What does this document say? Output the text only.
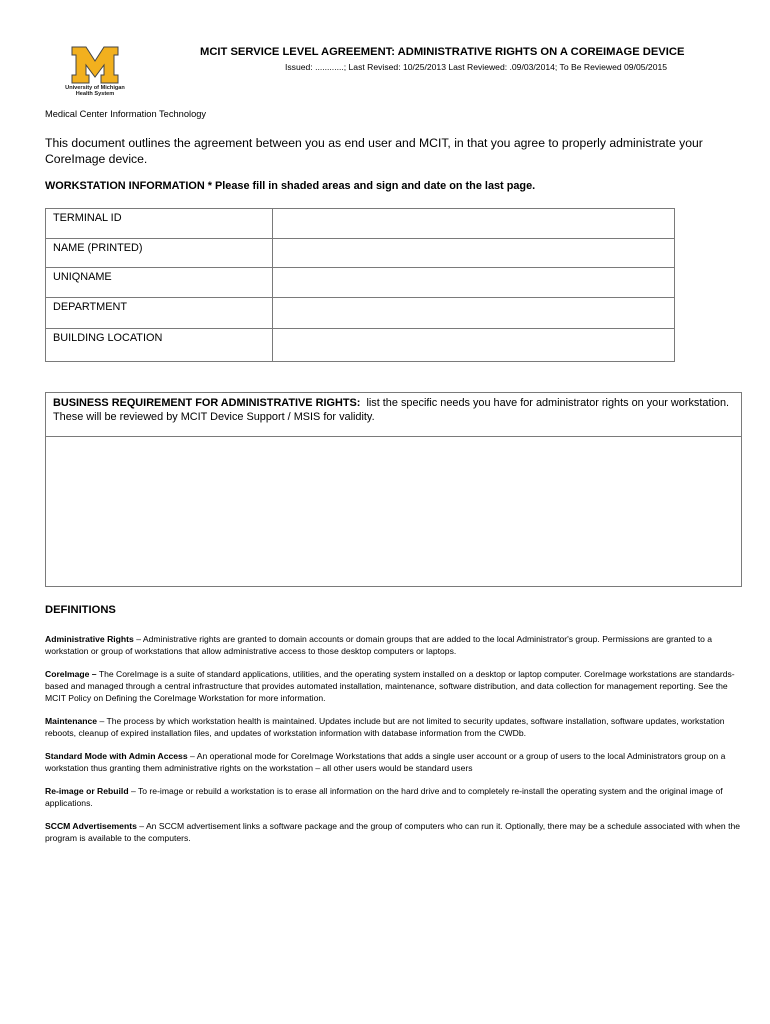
University of Michigan
Health System
Medical Center Information Technology
MCIT SERVICE LEVEL AGREEMENT: ADMINISTRATIVE RIGHTS ON A COREIMAGE DEVICE
Issued: ............; Last Revised: 10/25/2013 Last Reviewed: .09/03/2014; To Be Reviewed 09/05/2015
This document outlines the agreement between you as end user and MCIT, in that you agree to properly administrate your CoreImage device.
WORKSTATION INFORMATION * Please fill in shaded areas and sign and date on the last page.
TERMINAL ID	
NAME (PRINTED)	
UNIQNAME	
DEPARTMENT	
BUILDING LOCATION	
BUSINESS REQUIREMENT FOR ADMINISTRATIVE RIGHTS: list the specific needs you have for administrator rights on your workstation. These will be reviewed by MCIT Device Support / MSIS for validity.
DEFINITIONS
Administrative Rights – Administrative rights are granted to domain accounts or domain groups that are added to the local Administrator's group. Permissions are granted to a workstation or group of workstations that allow administrative access to those desktop computers or laptops.
CoreImage – The CoreImage is a suite of standard applications, utilities, and the operating system installed on a desktop or laptop computer. CoreImage workstations are standards-based and managed through a central infrastructure that provides automated installation, maintenance, software distribution, and data collection for management reporting. See the MCIT Policy on Defining the CoreImage Workstation for more information.
Maintenance – The process by which workstation health is maintained. Updates include but are not limited to security updates, software installation, software updates, workstation reboots, cleanup of expired installation files, and updates of workstation information with database information from the CWDb.
Standard Mode with Admin Access – An operational mode for CoreImage Workstations that adds a single user account or a group of users to the local Administrators group on a workstation thus granting them administrative rights on the workstation – all other users would be standard users
Re-image or Rebuild – To re-image or rebuild a workstation is to erase all information on the hard drive and to completely re-install the operating system and the original image of applications.
SCCM Advertisements – An SCCM advertisement links a software package and the group of computers who can run it. Optionally, there may be a schedule associated with when the program is available to the computers.
